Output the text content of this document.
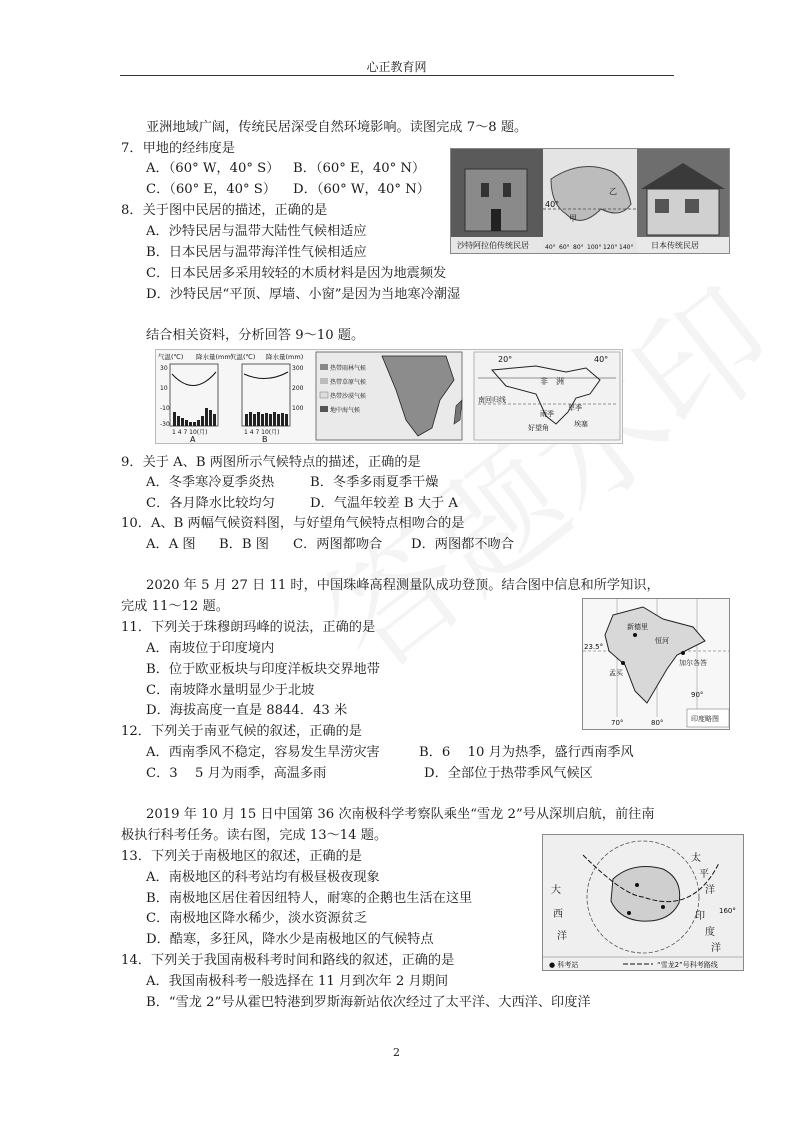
心正教育网
亚洲地域广阔，传统民居深受自然环境影响。读图完成 7～8 题。
7．甲地的经纬度是
A．（60° W，40° S） B．（60° E，40° N）
C．（60° E，40° S） D．（60° W，40° N）
8．关于图中民居的描述，正确的是
A．沙特民居与温带大陆性气候相适应
B．日本民居与温带海洋性气候相适应
C．日本民居多采用较轻的木质材料是因为地震频发
D．沙特民居“平顶、厚墙、小窗”是因为当地寒冷潮湿
甲
乙
40°
40° 60° 80° 100° 120° 140°
沙特阿拉伯传统民居	日本传统民居
结合相关资料，分析回答 9～10 题。
气温(℃) 降水量(mm)
30
10
-10
-30
1 4 7 10(月)
A
气温(℃) 降水量(mm)
300
200
100
1 4 7 10(月)
B
热带雨林气候
热带草原气候
热带沙漠气候
地中海气候
20°	40°
南回归线
非 洲
雨季
旱季
好望角	埃塞
9．关于 A、B 两图所示气候特点的描述，正确的是
A．冬季寒冷夏季炎热	B．冬季多雨夏季干燥
C．各月降水比较均匀	D．气温年较差 B 大于 A
10．A、B 两幅气候资料图，与好望角气候特点相吻合的是
A．A 图 B．B 图 C．两图都吻合 D．两图都不吻合
2020 年 5 月 27 日 11 时，中国珠峰高程测量队成功登顶。结合图中信息和所学知识，
完成 11～12 题。
新德里
孟买
恒河
加尔各答
23.5°
70°	80°
90°
印度略图
11．下列关于珠穆朗玛峰的说法，正确的是
A．南坡位于印度境内
B．位于欧亚板块与印度洋板块交界地带
C．南坡降水量明显少于北坡
D．海拔高度一直是 8844．43 米
12．下列关于南亚气候的叙述，正确的是
A．西南季风不稳定，容易发生旱涝灾害	B．6　 10 月为热季，盛行西南季风
C．3　 5 月为雨季，高温多雨	D．全部位于热带季风气候区
2019 年 10 月 15 日中国第 36 次南极科学考察队乘坐“雪龙 2”号从深圳启航，前往南
极执行科考任务。读右图，完成 13～14 题。
太
平
洋
大
西
洋
印
度
洋
160°
● 科考站	“雪龙2”号科考路线
13．下列关于南极地区的叙述，正确的是
A．南极地区的科考站均有极昼极夜现象
B．南极地区居住着因纽特人，耐寒的企鹅也生活在这里
C．南极地区降水稀少，淡水资源贫乏
D．酷寒，多狂风，降水少是南极地区的气候特点
14．下列关于我国南极科考时间和路线的叙述，正确的是
A．我国南极科考一般选择在 11 月到次年 2 月期间
B．“雪龙 2”号从霍巴特港到罗斯海新站依次经过了太平洋、大西洋、印度洋
2
